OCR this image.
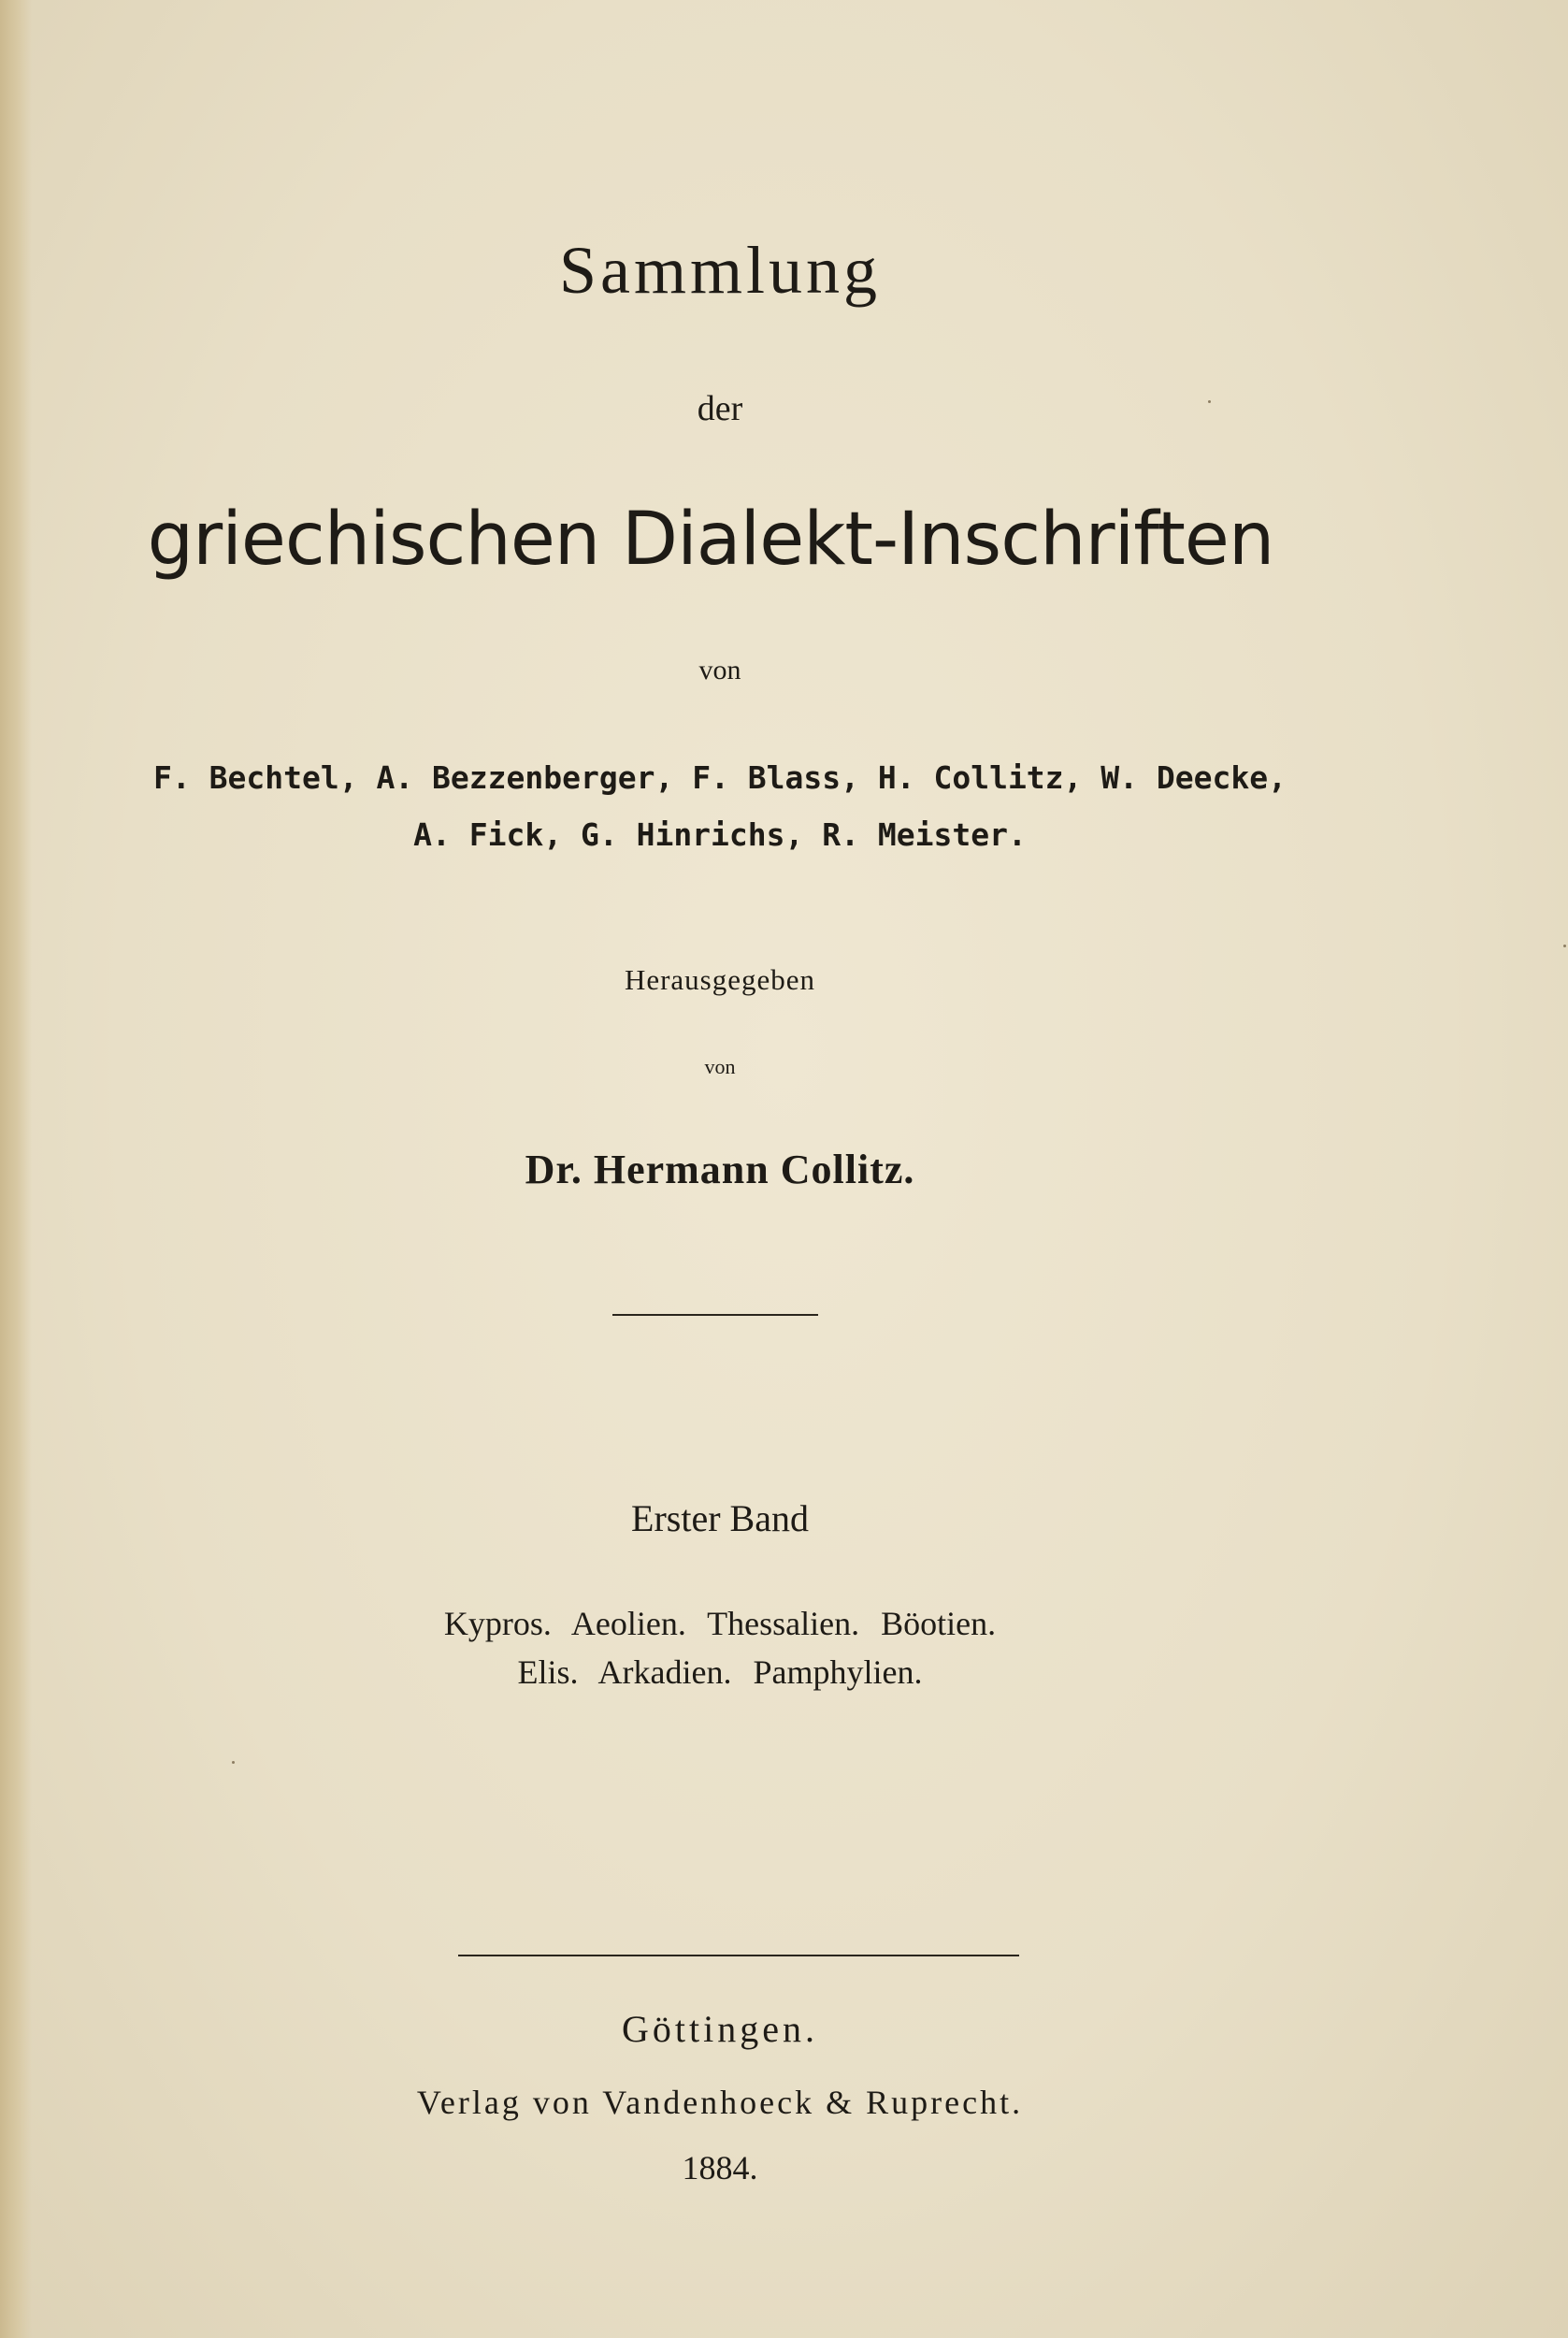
Sammlung
der
griechischen Dialekt-Inschriften
von
F. Bechtel, A. Bezzenberger, F. Blass, H. Collitz, W. Deecke,
A. Fick, G. Hinrichs, R. Meister.
Herausgegeben
von
Dr. Hermann Collitz.
Erster Band
Kypros. Aeolien. Thessalien. Böotien.
Elis. Arkadien. Pamphylien.
Göttingen.
Verlag von Vandenhoeck & Ruprecht.
1884.
